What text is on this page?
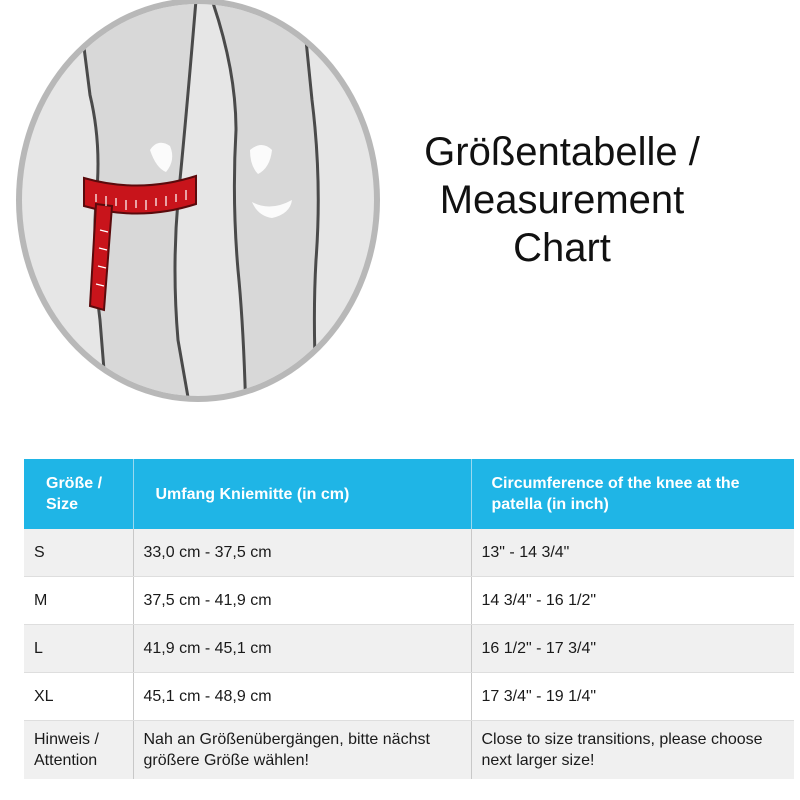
Größentabelle /
Measurement
Chart
Größe / Size	Umfang Kniemitte (in cm)	Circumference of the knee at the patella (in inch)
S	33,0 cm - 37,5 cm	13" - 14 3/4"
M	37,5 cm - 41,9 cm	14 3/4" - 16 1/2"
L	41,9 cm - 45,1 cm	16 1/2" - 17 3/4"
XL	45,1 cm - 48,9 cm	17 3/4" - 19 1/4"
Hinweis / Attention	Nah an Größenübergängen, bitte nächst größere Größe wählen!	Close to size transitions, please choose next larger size!
